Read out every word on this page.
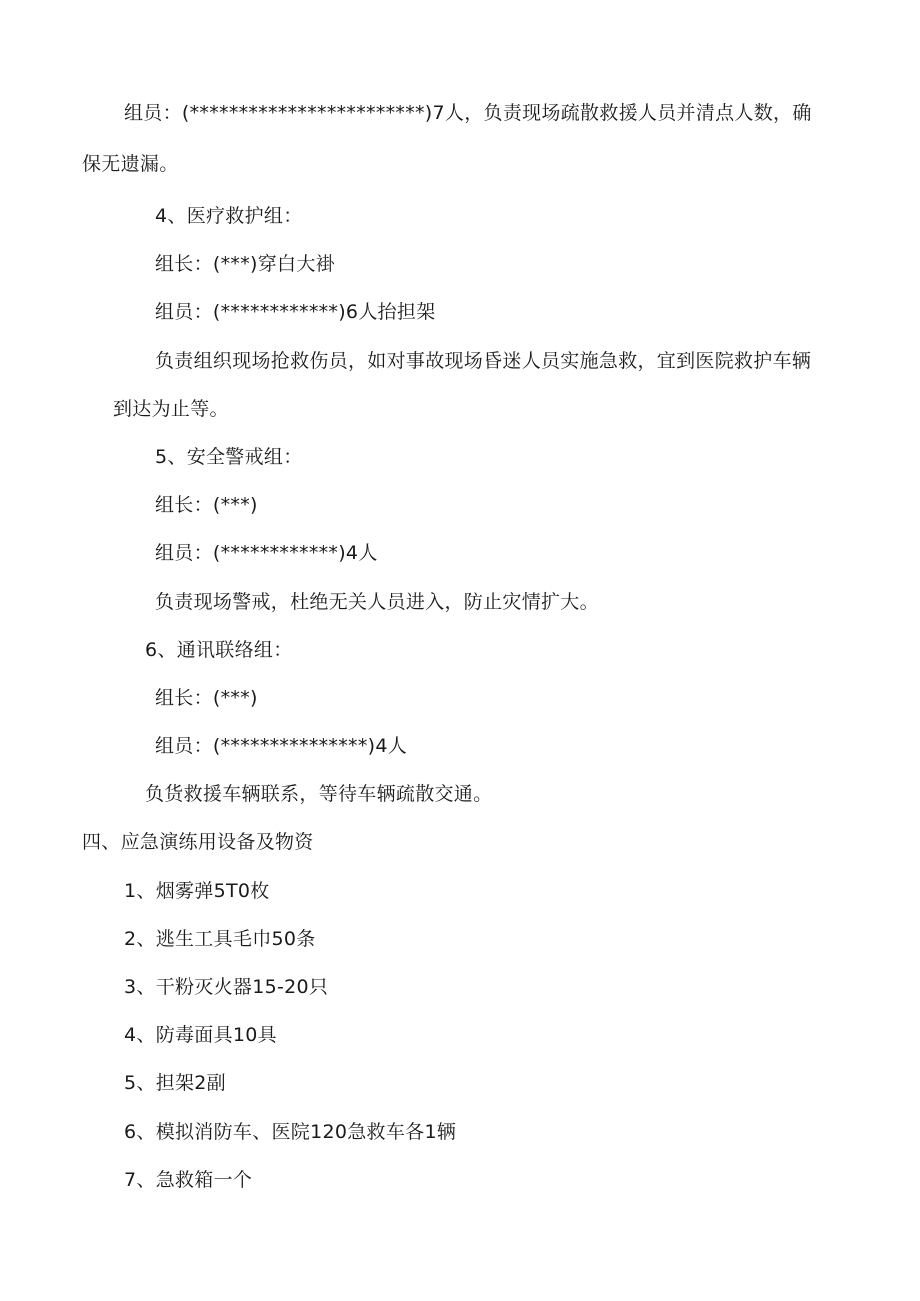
组员：(************************)7人，负责现场疏散救援人员并清点人数，确
保无遗漏。
4、医疗救护组：
组长：(***)穿白大褂
组员：(************)6人抬担架
负责组织现场抢救伤员，如对事故现场昏迷人员实施急救，宜到医院救护车辆
到达为止等。
5、安全警戒组：
组长：(***)
组员：(************)4人
负责现场警戒，杜绝无关人员进入，防止灾情扩大。
6、通讯联络组：
组长：(***)
组员：(***************)4人
负货救援车辆联系，等待车辆疏散交通。
四、应急演练用设备及物资
1、烟雾弹5T0枚
2、逃生工具毛巾50条
3、干粉灭火器15-20只
4、防毒面具10具
5、担架2副
6、模拟消防车、医院120急救车各1辆
7、急救箱一个
